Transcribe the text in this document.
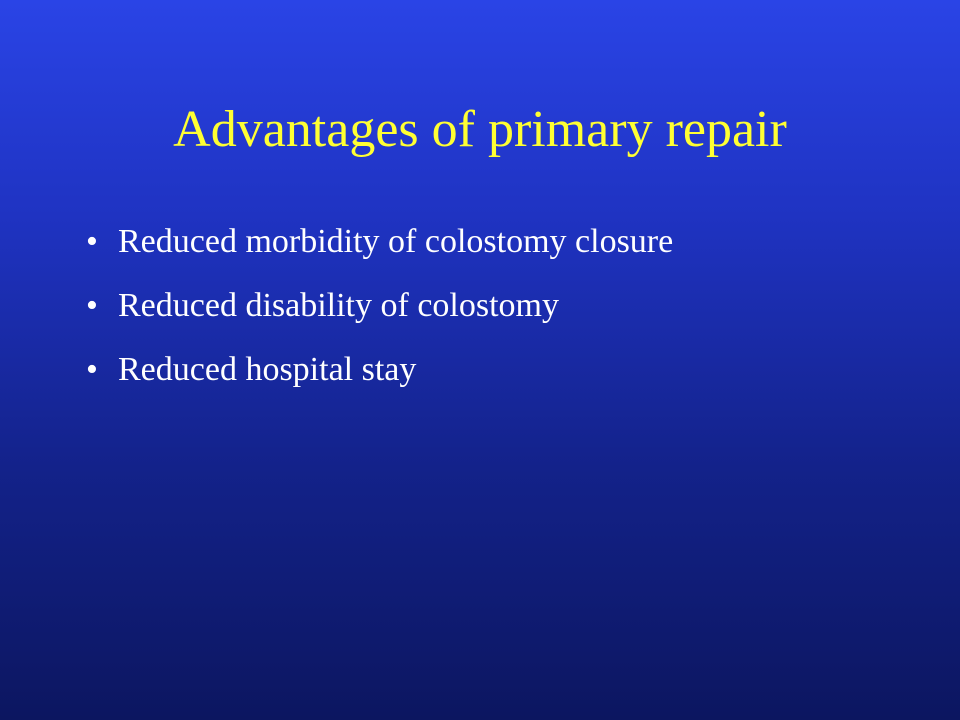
Advantages of primary repair
• Reduced morbidity of colostomy closure
• Reduced disability of colostomy
• Reduced hospital stay
